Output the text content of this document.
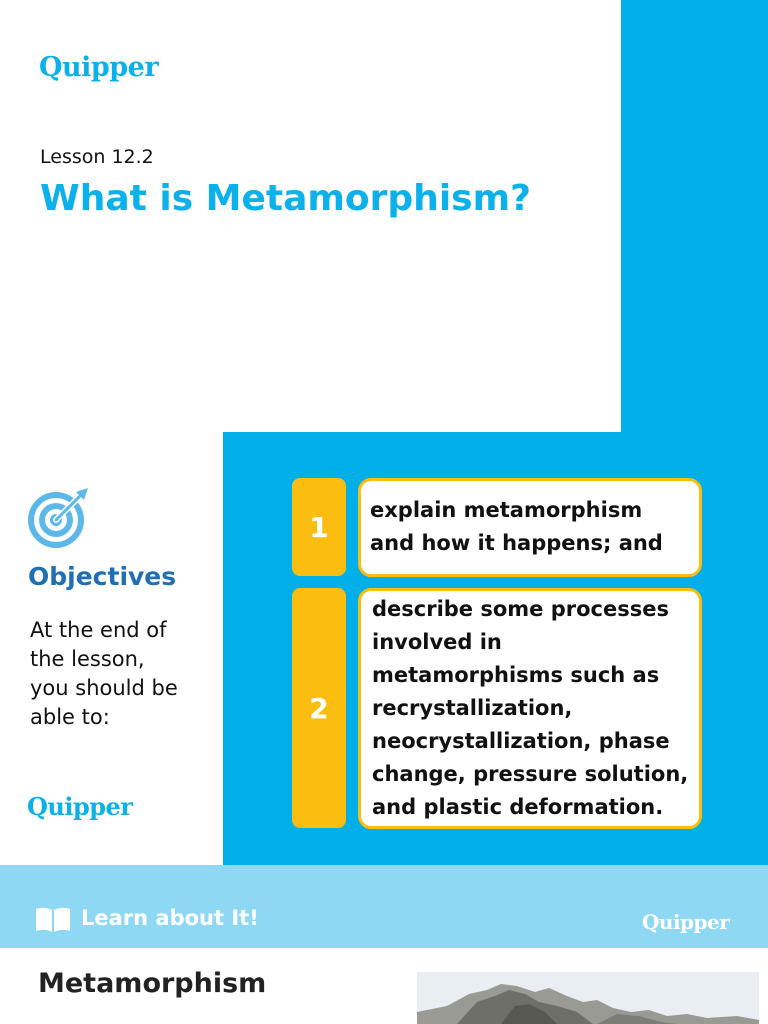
Quipper
Lesson 12.2
What is Metamorphism?
Objectives

At the end of the lesson, you should be able to:

Quipper
1
explain metamorphism and how it happens; and
2
describe some processes involved in metamorphisms such as recrystallization, neocrystallization, phase change, pressure solution, and plastic deformation.
Learn about It!	Quipper
Metamorphism
